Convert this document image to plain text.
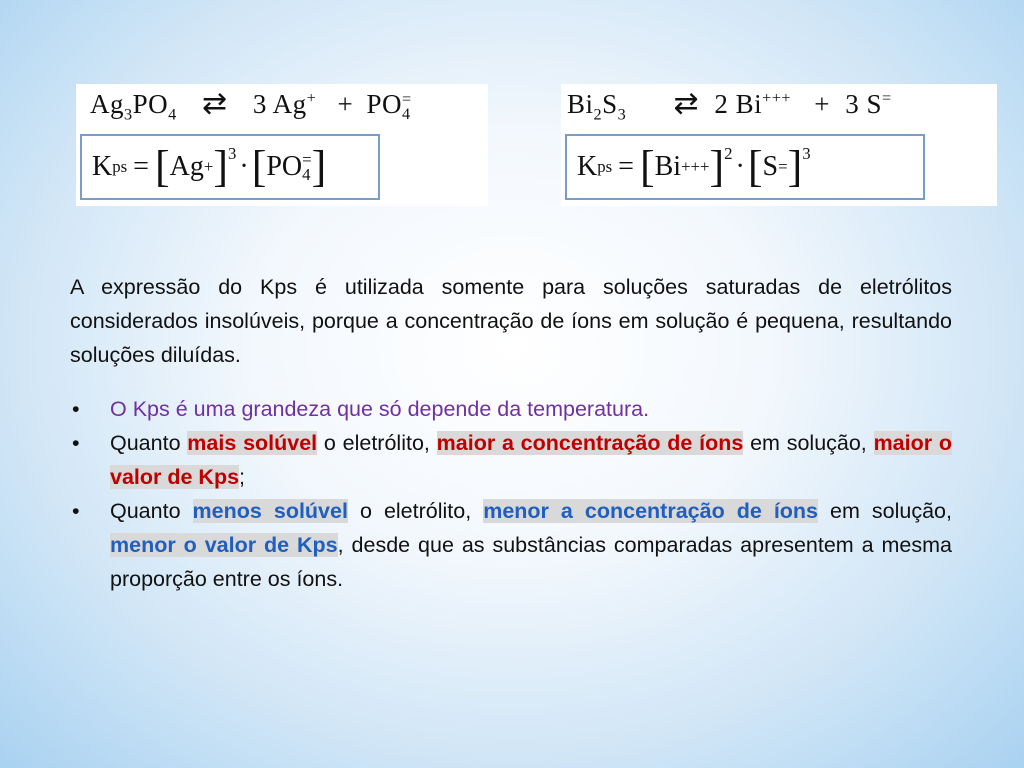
$Ag_3PO_4$ ⇄ 3 Ag+ + PO =
4
K ps = [ Ag + ]$^3$ · [ PO =
4 ]
$Bi_2S_3$ ⇄ 2 Bi+++ + 3 S=
K ps = [ Bi +++ ]$^2$ · [ S = ]$^3$

A expressão do Kps é utilizada somente para soluções saturadas de eletrólitos considerados insolúveis, porque a concentração de íons em solução é pequena, resultando soluções diluídas.

• O Kps é uma grandeza que só depende da temperatura.
• Quanto mais solúvel o eletrólito, maior a concentração de íons em solução, maior o valor de Kps;
• Quanto menos solúvel o eletrólito, menor a concentração de íons em solução, menor o valor de Kps, desde que as substâncias comparadas apresentem a mesma proporção entre os íons.
